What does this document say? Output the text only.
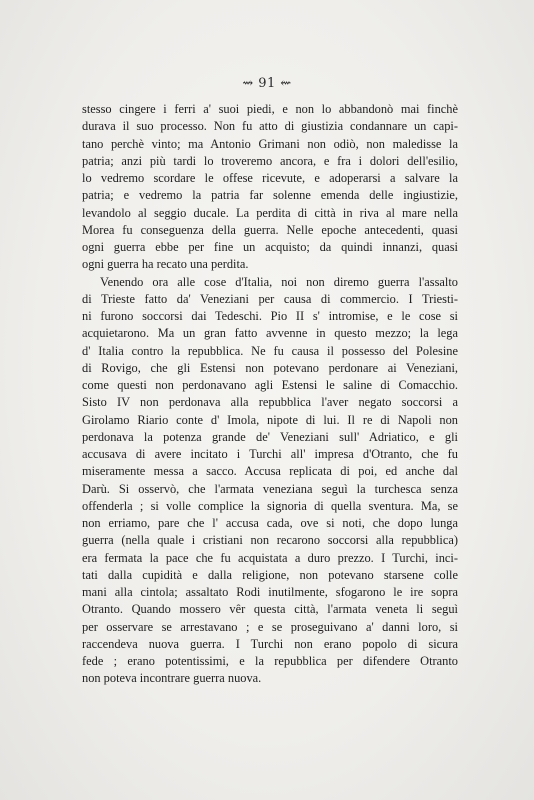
⇝ 91 ⇜
stesso cingere i ferri a' suoi piedi, e non lo abbandonò mai finchè
durava il suo processo. Non fu atto di giustizia condannare un capi-
tano perchè vinto; ma Antonio Grimani non odiò, non maledisse la
patria; anzi più tardi lo troveremo ancora, e fra i dolori dell'esilio,
lo vedremo scordare le offese ricevute, e adoperarsi a salvare la
patria; e vedremo la patria far solenne emenda delle ingiustizie,
levandolo al seggio ducale. La perdita di città in riva al mare nella
Morea fu conseguenza della guerra. Nelle epoche antecedenti, quasi
ogni guerra ebbe per fine un acquisto; da quindi innanzi, quasi
ogni guerra ha recato una perdita.
Venendo ora alle cose d'Italia, noi non diremo guerra l'assalto
di Trieste fatto da' Veneziani per causa di commercio. I Triesti-
ni furono soccorsi dai Tedeschi. Pio II s' intromise, e le cose si
acquietarono. Ma un gran fatto avvenne in questo mezzo; la lega
d' Italia contro la repubblica. Ne fu causa il possesso del Polesine
di Rovigo, che gli Estensi non potevano perdonare ai Veneziani,
come questi non perdonavano agli Estensi le saline di Comacchio.
Sisto IV non perdonava alla repubblica l'aver negato soccorsi a
Girolamo Riario conte d' Imola, nipote di lui. Il re di Napoli non
perdonava la potenza grande de' Veneziani sull' Adriatico, e gli
accusava di avere incitato i Turchi all' impresa d'Otranto, che fu
miseramente messa a sacco. Accusa replicata di poi, ed anche dal
Darù. Si osservò, che l'armata veneziana seguì la turchesca senza
offenderla ; si volle complice la signoria di quella sventura. Ma, se
non erriamo, pare che l' accusa cada, ove si noti, che dopo lunga
guerra (nella quale i cristiani non recarono soccorsi alla repubblica)
era fermata la pace che fu acquistata a duro prezzo. I Turchi, inci-
tati dalla cupidità e dalla religione, non potevano starsene colle
mani alla cintola; assaltato Rodi inutilmente, sfogarono le ire sopra
Otranto. Quando mossero vêr questa città, l'armata veneta li seguì
per osservare se arrestavano ; e se proseguivano a' danni loro, si
raccendeva nuova guerra. I Turchi non erano popolo di sicura
fede ; erano potentissimi, e la repubblica per difendere Otranto
non poteva incontrare guerra nuova.
